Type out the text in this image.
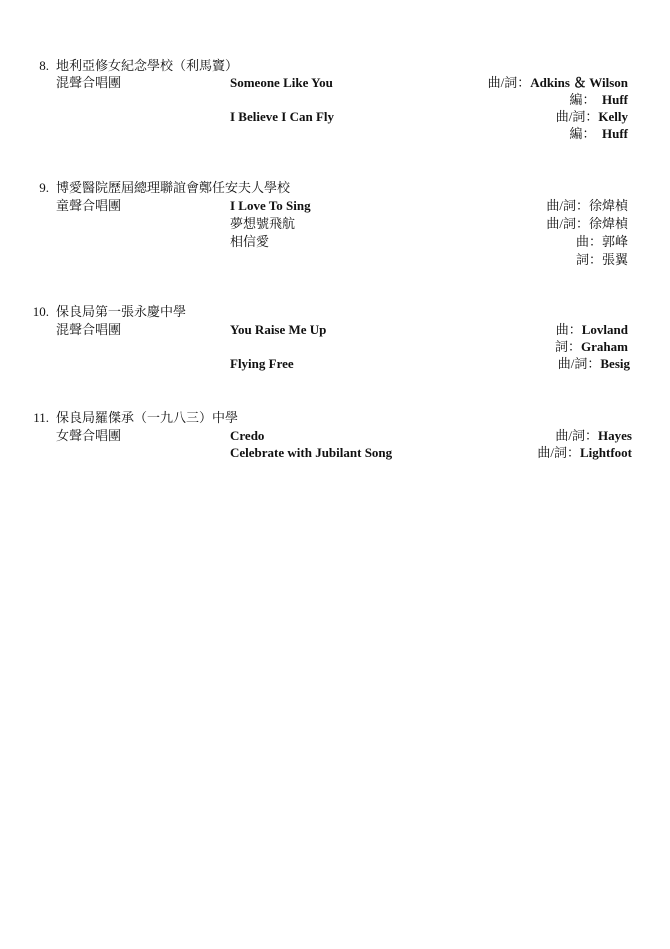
8. 地利亞修女紀念學校（利馬竇）
混聲合唱團	Someone Like You	曲/詞：Adkins ＆ Wilson
編： Huff
I Believe I Can Fly	曲/詞：Kelly
編： Huff
9. 博愛醫院歷屆總理聯誼會鄭任安夫人學校
童聲合唱團	I Love To Sing	曲/詞：徐煒楨
夢想號飛航	曲/詞：徐煒楨
相信愛	曲：郭峰
詞：張翼
10. 保良局第一張永慶中學
混聲合唱團	You Raise Me Up	曲：Lovland
詞：Graham
Flying Free	曲/詞：Besig
11. 保良局羅傑承（一九八三）中學
女聲合唱團	Credo	曲/詞：Hayes
Celebrate with Jubilant Song	曲/詞：Lightfoot
